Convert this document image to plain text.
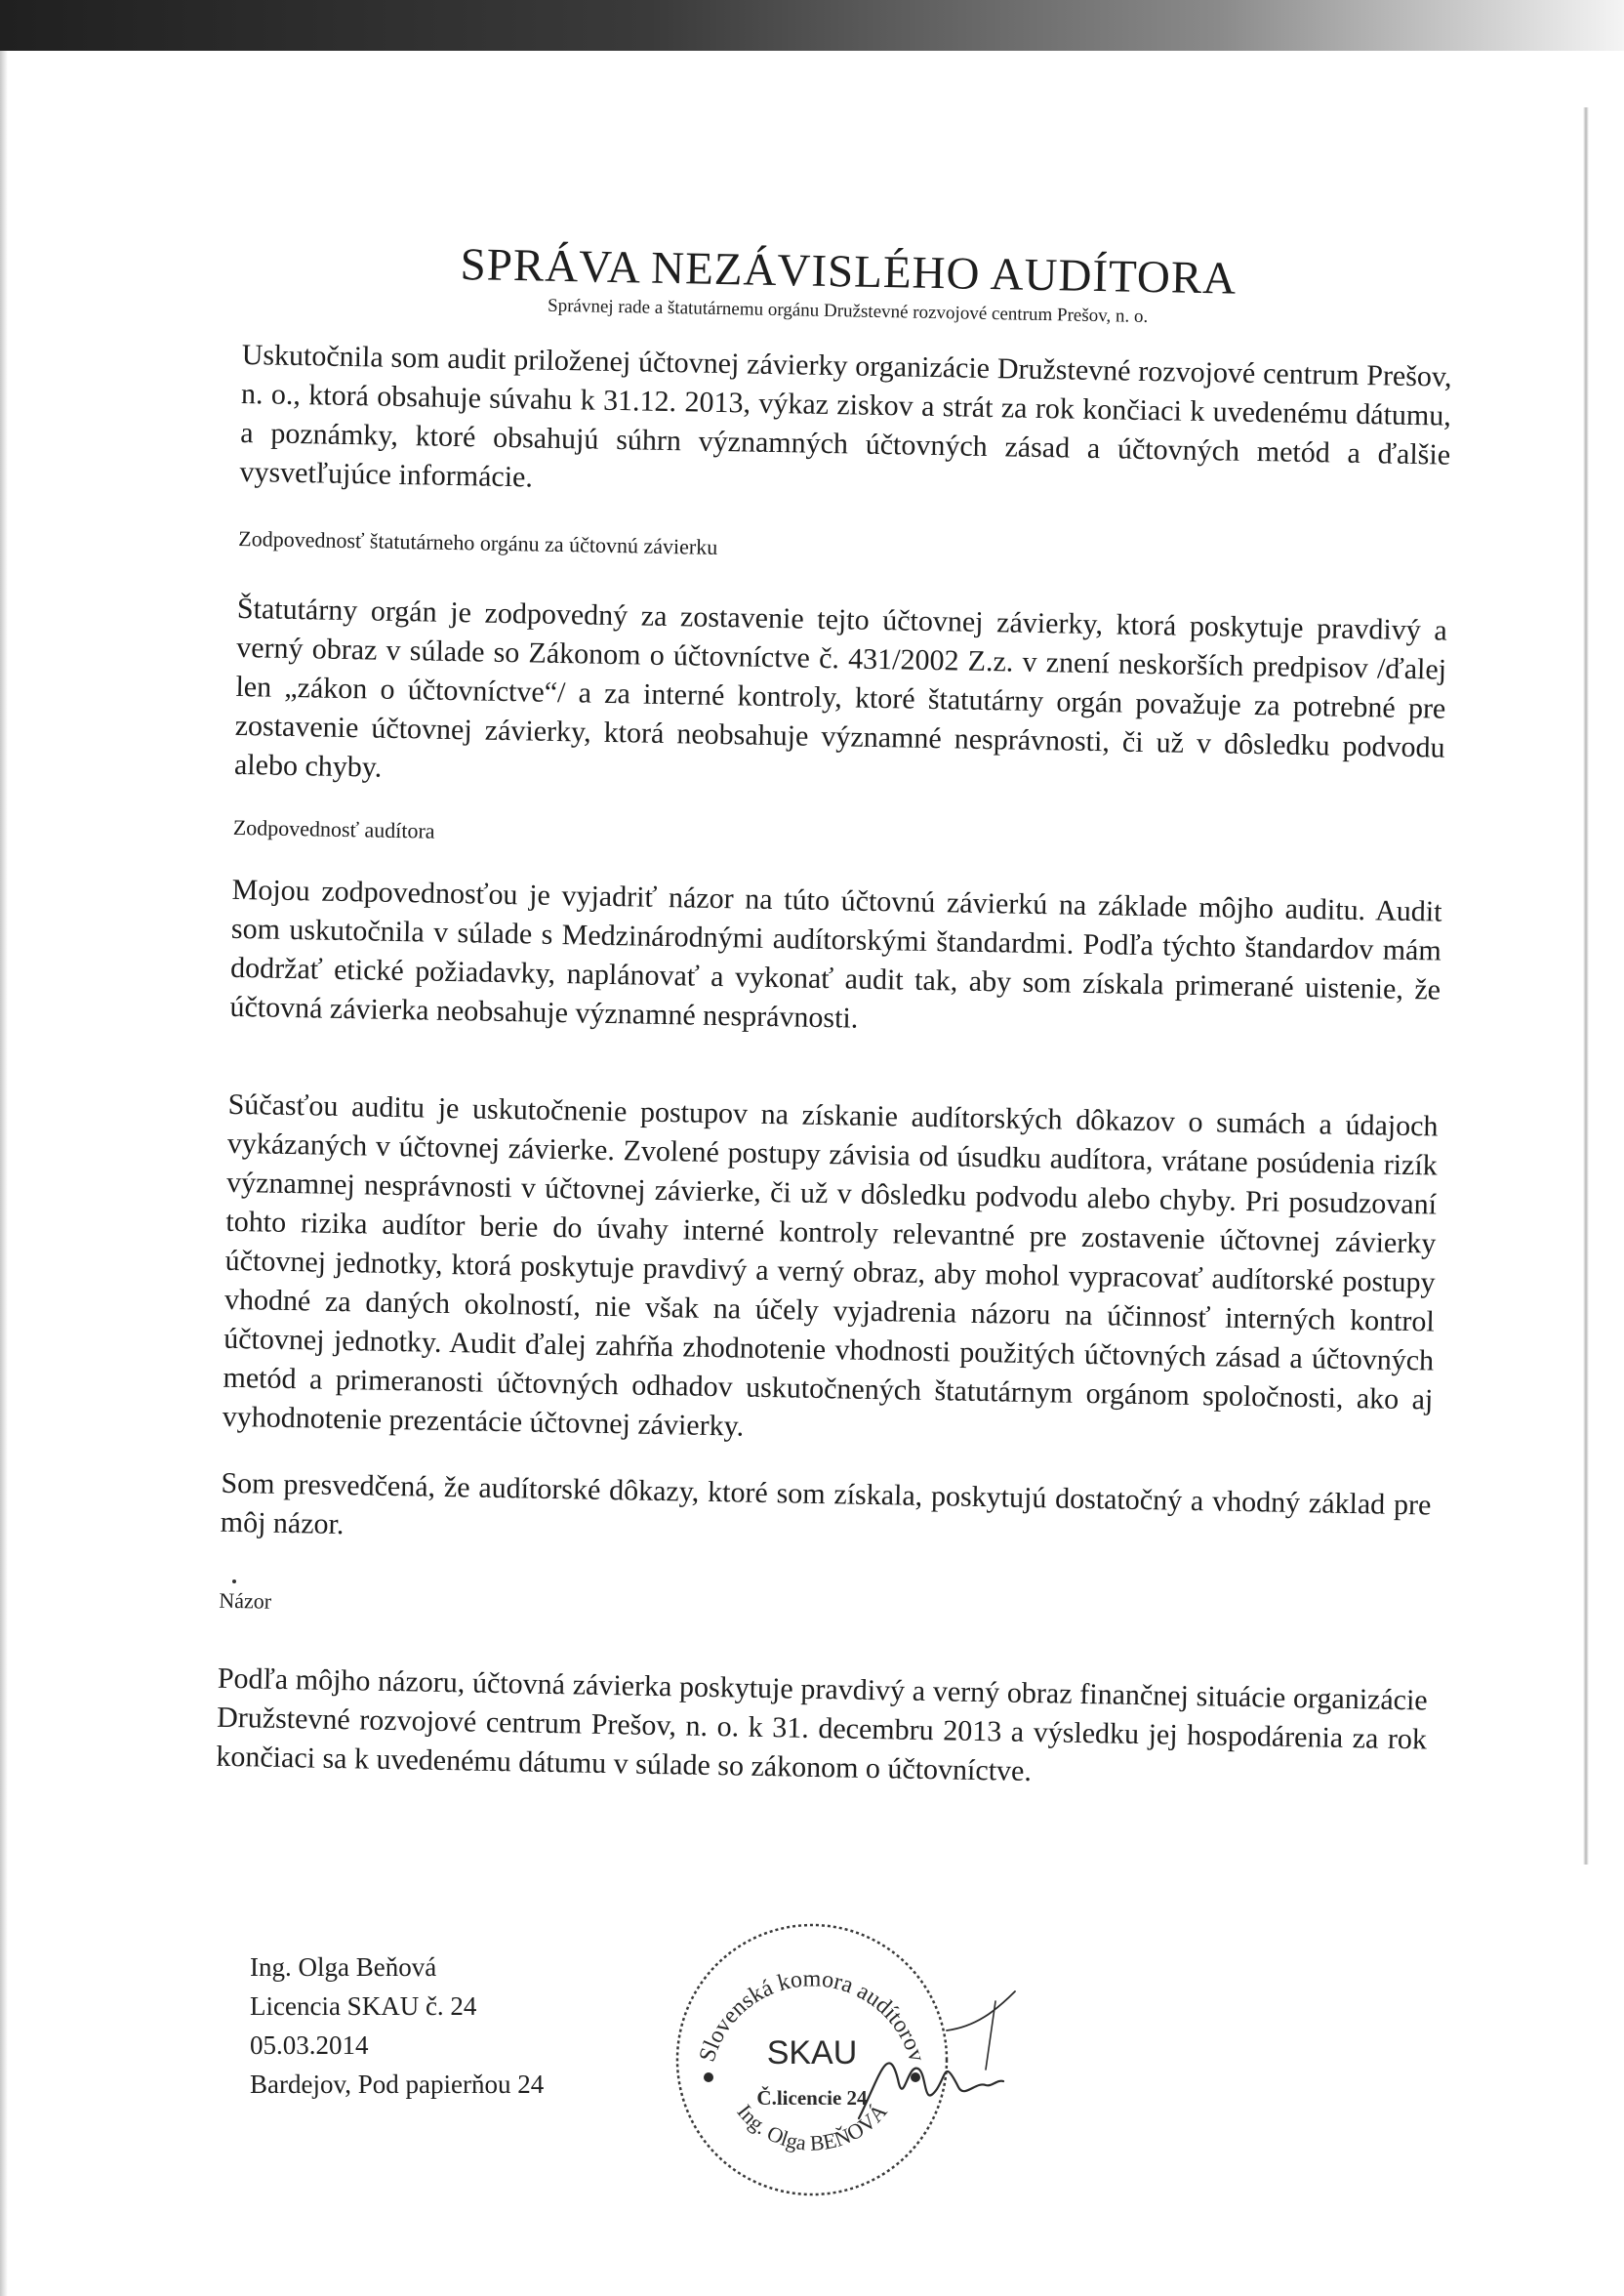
SPRÁVA NEZÁVISLÉHO AUDÍTORA

Správnej rade a štatutárnemu orgánu Družstevné rozvojové centrum Prešov, n. o.

Uskutočnila som audit priloženej účtovnej závierky organizácie Družstevné rozvojové centrum Prešov, n. o., ktorá obsahuje súvahu k 31.12. 2013, výkaz ziskov a strát za rok končiaci k uvedenému dátumu, a poznámky, ktoré obsahujú súhrn významných účtovných zásad a účtovných metód a ďalšie vysvetľujúce informácie.

Zodpovednosť štatutárneho orgánu za účtovnú závierku

Štatutárny orgán je zodpovedný za zostavenie tejto účtovnej závierky, ktorá poskytuje pravdivý a verný obraz v súlade so Zákonom o účtovníctve č. 431/2002 Z.z. v znení neskorších predpisov /ďalej len „zákon o účtovníctve“/ a za interné kontroly, ktoré štatutárny orgán považuje za potrebné pre zostavenie účtovnej závierky, ktorá neobsahuje významné nesprávnosti, či už v dôsledku podvodu alebo chyby.

Zodpovednosť audítora

Mojou zodpovednosťou je vyjadriť názor na túto účtovnú závierkú na základe môjho auditu. Audit som uskutočnila v súlade s Medzinárodnými audítorskými štandardmi. Podľa týchto štandardov mám dodržať etické požiadavky, naplánovať a vykonať audit tak, aby som získala primerané uistenie, že účtovná závierka neobsahuje významné nesprávnosti.

Súčasťou auditu je uskutočnenie postupov na získanie audítorských dôkazov o sumách a údajoch vykázaných v účtovnej závierke. Zvolené postupy závisia od úsudku audítora, vrátane posúdenia rizík významnej nesprávnosti v účtovnej závierke, či už v dôsledku podvodu alebo chyby. Pri posudzovaní tohto rizika audítor berie do úvahy interné kontroly relevantné pre zostavenie účtovnej závierky účtovnej jednotky, ktorá poskytuje pravdivý a verný obraz, aby mohol vypracovať audítorské postupy vhodné za daných okolností, nie však na účely vyjadrenia názoru na účinnosť interných kontrol účtovnej jednotky. Audit ďalej zahŕňa zhodnotenie vhodnosti použitých účtovných zásad a účtovných metód a primeranosti účtovných odhadov uskutočnených štatutárnym orgánom spoločnosti, ako aj vyhodnotenie prezentácie účtovnej závierky.

Som presvedčená, že audítorské dôkazy, ktoré som získala, poskytujú dostatočný a vhodný základ pre môj názor.

Názor

Podľa môjho názoru, účtovná závierka poskytuje pravdivý a verný obraz finančnej situácie organizácie Družstevné rozvojové centrum Prešov, n. o. k 31. decembru 2013 a výsledku jej hospodárenia za rok končiaci sa k uvedenému dátumu v súlade so zákonom o účtovníctve.

Ing. Olga Beňová
Licencia SKAU č. 24
05.03.2014
Bardejov, Pod papierňou 24
Slovenská komora audítorov
Ing. Olga BEŇOVÁ
SKAU
Č.licencie 24
